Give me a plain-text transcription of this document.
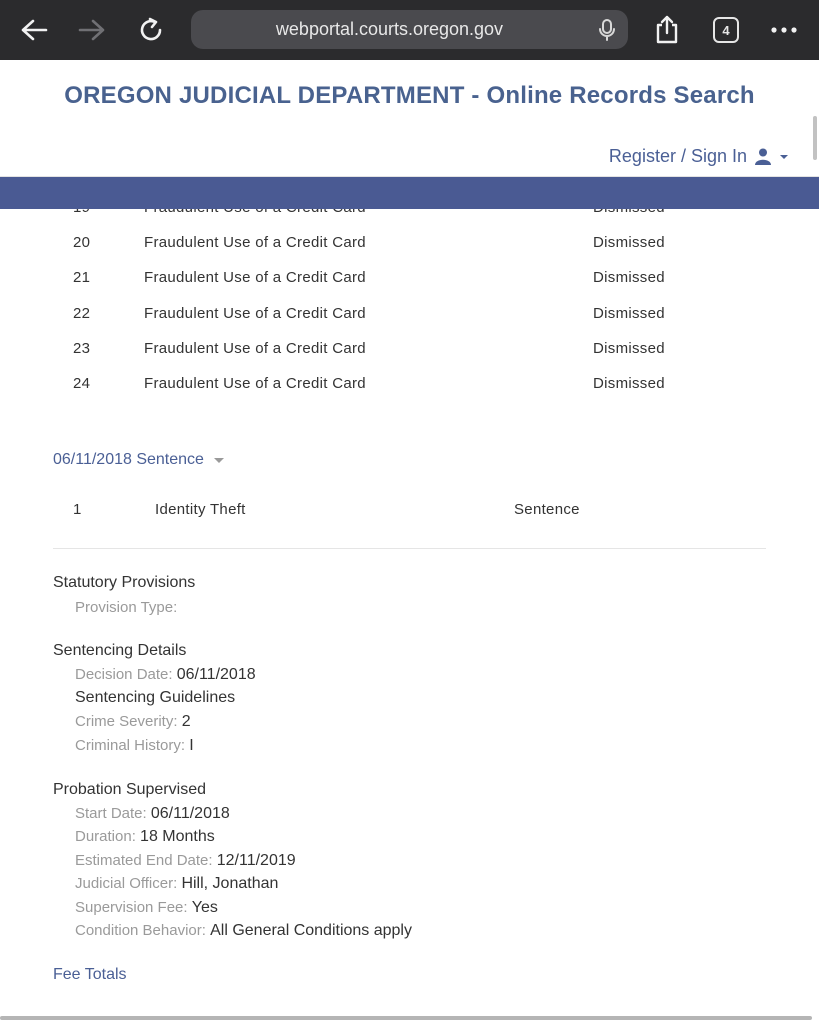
webportal.courts.oregon.gov	4
OREGON JUDICIAL DEPARTMENT - Online Records Search
Register / Sign In
20	Fraudulent Use of a Credit Card	Dismissed
21	Fraudulent Use of a Credit Card	Dismissed
22	Fraudulent Use of a Credit Card	Dismissed
23	Fraudulent Use of a Credit Card	Dismissed
24	Fraudulent Use of a Credit Card	Dismissed
06/11/2018 Sentence
1	Identity Theft	Sentence
Statutory Provisions
Provision Type:
Sentencing Details
Decision Date: 06/11/2018
Sentencing Guidelines
Crime Severity: 2
Criminal History: I
Probation Supervised
Start Date: 06/11/2018
Duration: 18 Months
Estimated End Date: 12/11/2019
Judicial Officer: Hill, Jonathan
Supervision Fee: Yes
Condition Behavior: All General Conditions apply
Fee Totals
